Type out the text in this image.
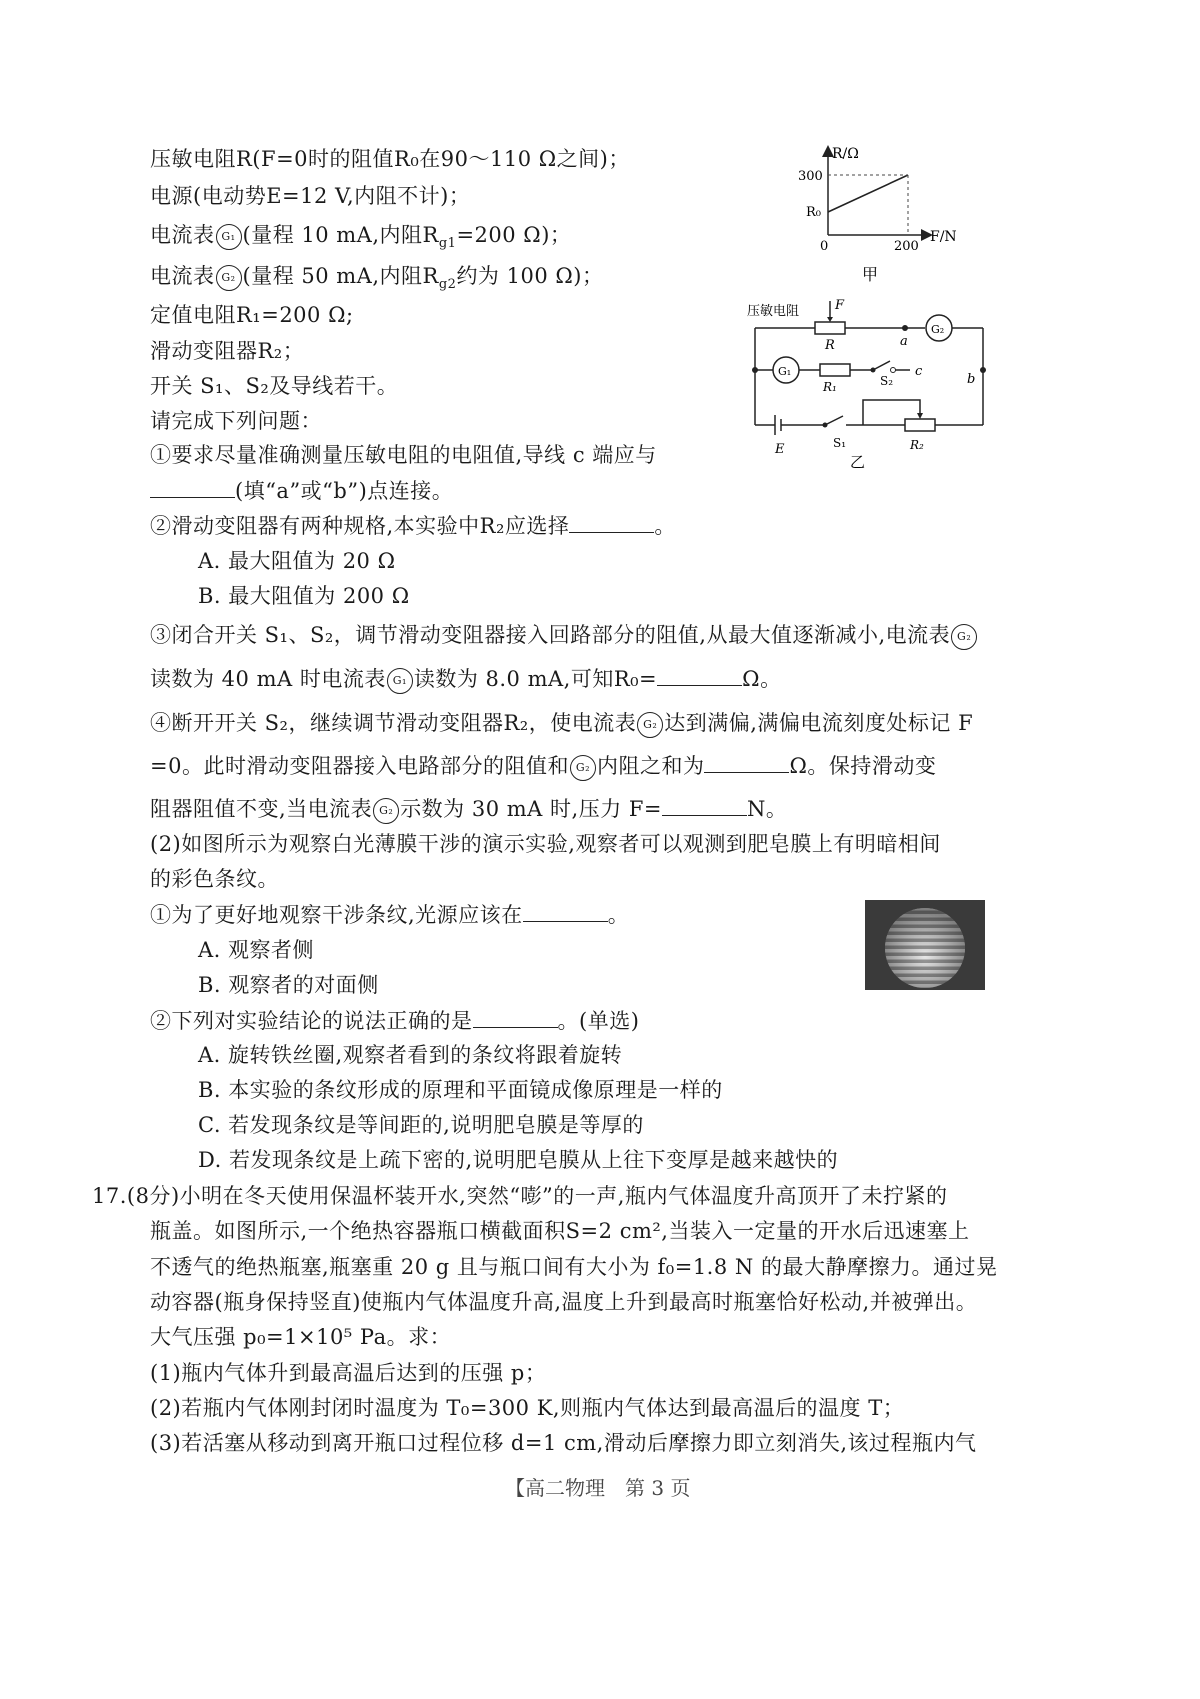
R/Ω
F/N
300
R₀
0	200
甲
压敏电阻	F
R	a
G₂
G₁
R₁	S₂
c
b
E	S₁	R₂
乙
压敏电阻R(F=0时的阻值R₀在90～110 Ω之间)；
电源(电动势E=12 V,内阻不计)；
电流表 G₁ (量程 10 mA,内阻$R_{g1}=200$ Ω)；
电流表 G₂ (量程 50 mA,内阻$R_{g2}$约为 100 Ω)；
定值电阻R₁=200 Ω;
滑动变阻器R₂；
开关 S₁、S₂及导线若干。
请完成下列问题：
①要求尽量准确测量压敏电阻的电阻值,导线 c 端应与
(填“a”或“b”)点连接。
②滑动变阻器有两种规格,本实验中R₂应选择	。
A. 最大阻值为 20 Ω
B. 最大阻值为 200 Ω
③闭合开关 S₁、S₂，调节滑动变阻器接入回路部分的阻值,从最大值逐渐减小,电流表 G₂
读数为 40 mA 时电流表 G₁ 读数为 8.0 mA,可知R₀=	Ω。
④断开开关 S₂，继续调节滑动变阻器R₂，使电流表 G₂ 达到满偏,满偏电流刻度处标记 F
=0。此时滑动变阻器接入电路部分的阻值和 G₂ 内阻之和为	Ω。保持滑动变
阻器阻值不变,当电流表 G₂ 示数为 30 mA 时,压力 F=	N。
(2)如图所示为观察白光薄膜干涉的演示实验,观察者可以观测到肥皂膜上有明暗相间
的彩色条纹。
①为了更好地观察干涉条纹,光源应该在	。
A. 观察者侧
B. 观察者的对面侧
②下列对实验结论的说法正确的是	。(单选)
A. 旋转铁丝圈,观察者看到的条纹将跟着旋转
B. 本实验的条纹形成的原理和平面镜成像原理是一样的
C. 若发现条纹是等间距的,说明肥皂膜是等厚的
D. 若发现条纹是上疏下密的,说明肥皂膜从上往下变厚是越来越快的
17.(8分)小明在冬天使用保温杯装开水,突然“嘭”的一声,瓶内气体温度升高顶开了未拧紧的
瓶盖。如图所示,一个绝热容器瓶口横截面积S=2 cm²,当装入一定量的开水后迅速塞上
不透气的绝热瓶塞,瓶塞重 20 g 且与瓶口间有大小为 f₀=1.8 N 的最大静摩擦力。通过晃
动容器(瓶身保持竖直)使瓶内气体温度升高,温度上升到最高时瓶塞恰好松动,并被弹出。
大气压强 p₀=1×10⁵ Pa。求：
(1)瓶内气体升到最高温后达到的压强 p；
(2)若瓶内气体刚封闭时温度为 T₀=300 K,则瓶内气体达到最高温后的温度 T；
(3)若活塞从移动到离开瓶口过程位移 d=1 cm,滑动后摩擦力即立刻消失,该过程瓶内气
【高二物理　第 3 页
